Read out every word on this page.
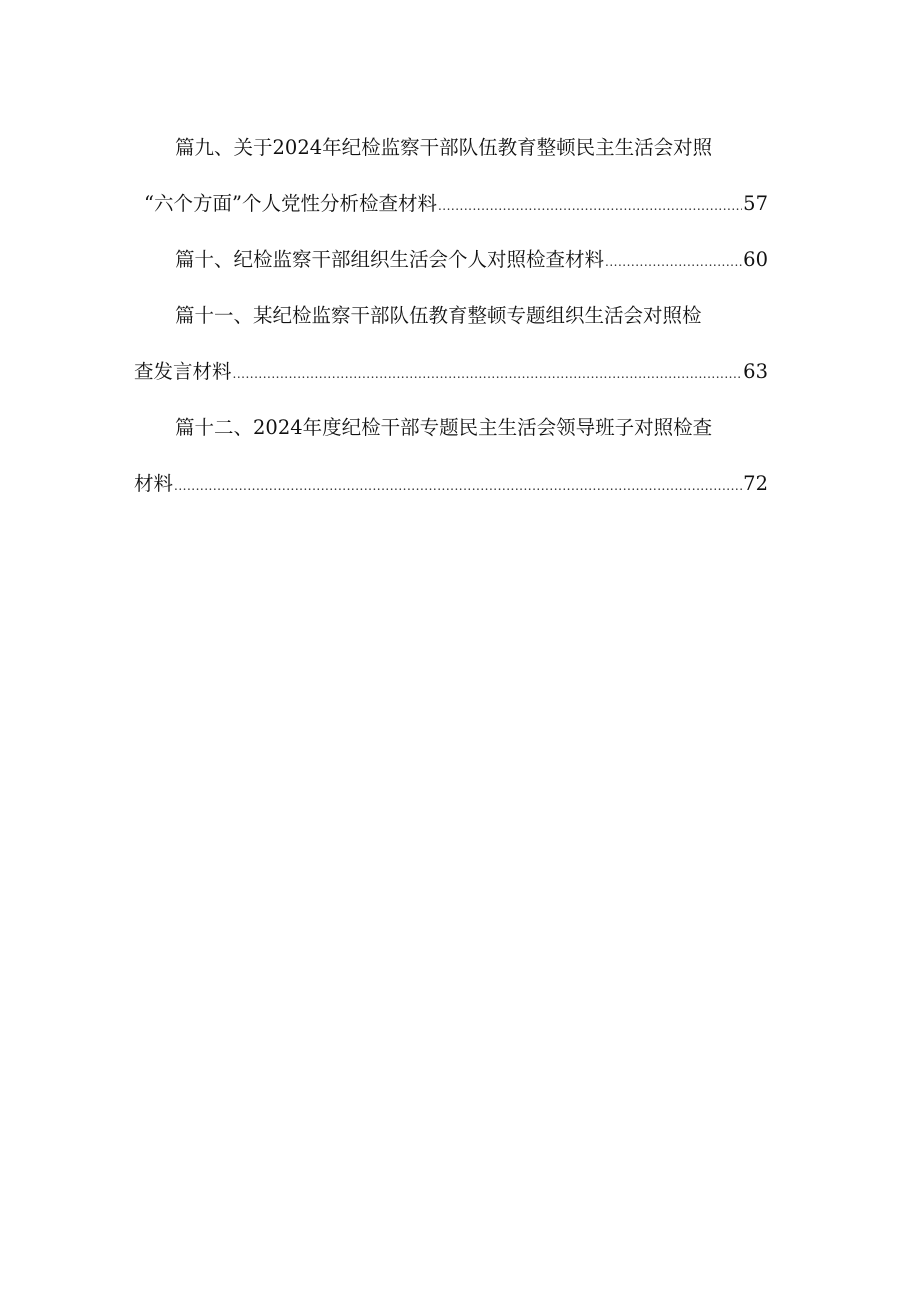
篇九、关于2024年纪检监察干部队伍教育整顿民主生活会对照
“六个方面”个人党性分析检查材料 .....	57
篇十、纪检监察干部组织生活会个人对照检查材料 .....	60
篇十一、某纪检监察干部队伍教育整顿专题组织生活会对照检
查发言材料 .....	63
篇十二、2024年度纪检干部专题民主生活会领导班子对照检查
材料 .....	72
